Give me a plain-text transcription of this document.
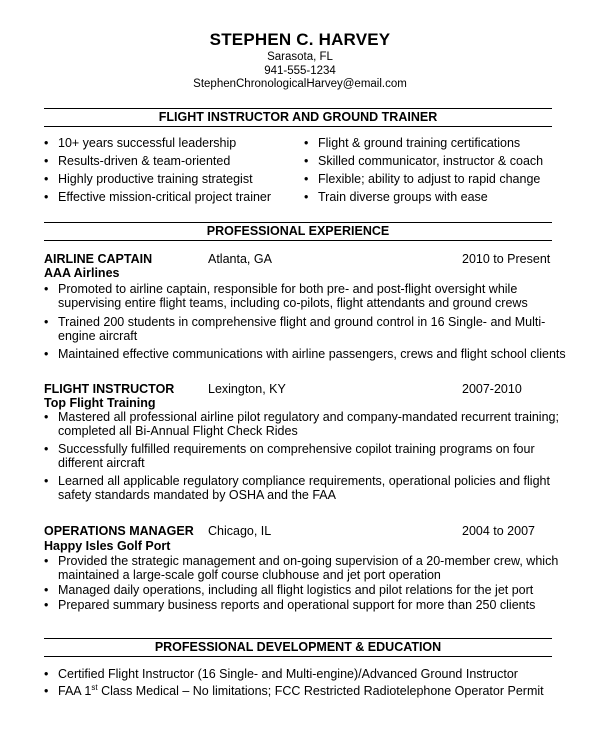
STEPHEN C. HARVEY
Sarasota, FL
941-555-1234
StephenChronologicalHarvey@email.com
FLIGHT INSTRUCTOR AND GROUND TRAINER
• 10+ years successful leadership
• Results-driven & team-oriented
• Highly productive training strategist
• Effective mission-critical project trainer
• Flight & ground training certifications
• Skilled communicator, instructor & coach
• Flexible; ability to adjust to rapid change
• Train diverse groups with ease
PROFESSIONAL EXPERIENCE
AIRLINE CAPTAIN	Atlanta, GA	2010 to Present
AAA Airlines
• Promoted to airline captain, responsible for both pre- and post-flight oversight while
supervising entire flight teams, including co-pilots, flight attendants and ground crews
• Trained 200 students in comprehensive flight and ground control in 16 Single- and Multi-
engine aircraft
• Maintained effective communications with airline passengers, crews and flight school clients
FLIGHT INSTRUCTOR	Lexington, KY	2007-2010
Top Flight Training
• Mastered all professional airline pilot regulatory and company-mandated recurrent training;
completed all Bi-Annual Flight Check Rides
• Successfully fulfilled requirements on comprehensive copilot training programs on four
different aircraft
• Learned all applicable regulatory compliance requirements, operational policies and flight
safety standards mandated by OSHA and the FAA
OPERATIONS MANAGER Chicago, IL	2004 to 2007
Happy Isles Golf Port
• Provided the strategic management and on-going supervision of a 20-member crew, which
maintained a large-scale golf course clubhouse and jet port operation
• Managed daily operations, including all flight logistics and pilot relations for the jet port
• Prepared summary business reports and operational support for more than 250 clients
PROFESSIONAL DEVELOPMENT & EDUCATION
• Certified Flight Instructor (16 Single- and Multi-engine)/Advanced Ground Instructor
• FAA 1st Class Medical – No limitations; FCC Restricted Radiotelephone Operator Permit
